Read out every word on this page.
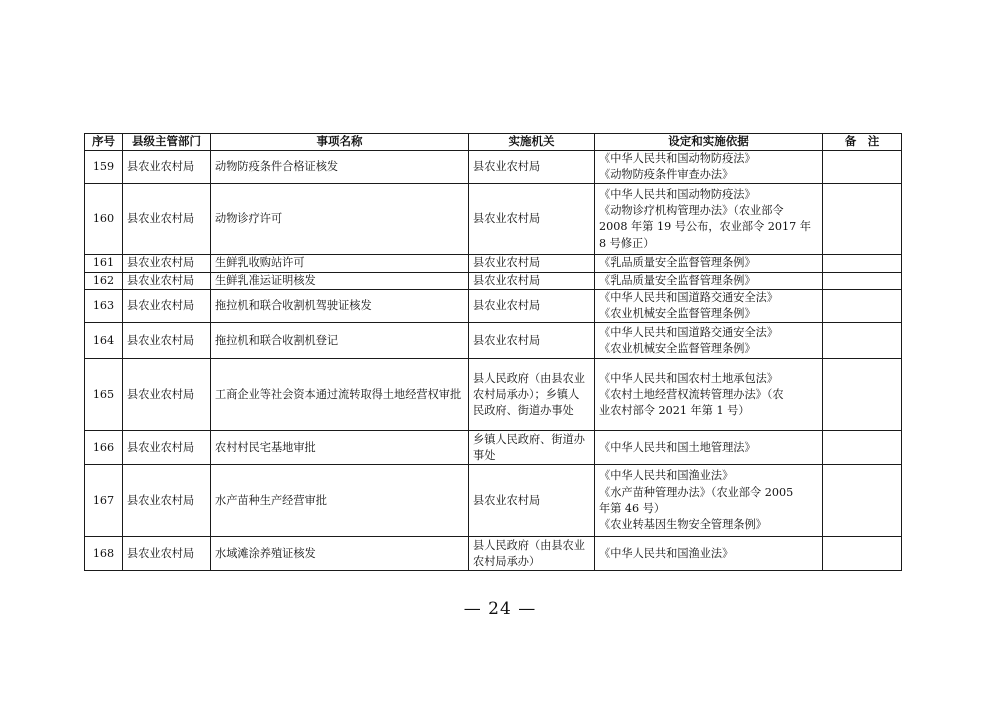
序号	县级主管部门	事项名称	实施机关	设定和实施依据	备　注
159	县农业农村局	动物防疫条件合格证核发	县农业农村局	《中华人民共和国动物防疫法》
《动物防疫条件审查办法》	

160	县农业农村局	动物诊疗许可	县农业农村局	《中华人民共和国动物防疫法》
《动物诊疗机构管理办法》（农业部令
2008 年第 19 号公布，农业部令 2017 年
8 号修正）	

161	县农业农村局	生鲜乳收购站许可	县农业农村局	《乳品质量安全监督管理条例》	

162	县农业农村局	生鲜乳准运证明核发	县农业农村局	《乳品质量安全监督管理条例》	

163	县农业农村局	拖拉机和联合收割机驾驶证核发	县农业农村局	《中华人民共和国道路交通安全法》
《农业机械安全监督管理条例》	

164	县农业农村局	拖拉机和联合收割机登记	县农业农村局	《中华人民共和国道路交通安全法》
《农业机械安全监督管理条例》	

165	县农业农村局	工商企业等社会资本通过流转取得土地经营权审批	县人民政府（由县农业农村局承办）；乡镇人民政府、街道办事处	《中华人民共和国农村土地承包法》
《农村土地经营权流转管理办法》（农
业农村部令 2021 年第 1 号）	

166	县农业农村局	农村村民宅基地审批	乡镇人民政府、街道办事处	《中华人民共和国土地管理法》	

167	县农业农村局	水产苗种生产经营审批	县农业农村局	《中华人民共和国渔业法》
《水产苗种管理办法》（农业部令 2005
年第 46 号）
《农业转基因生物安全管理条例》	

168	县农业农村局	水域滩涂养殖证核发	县人民政府（由县农业农村局承办）	《中华人民共和国渔业法》	

— 24 —
